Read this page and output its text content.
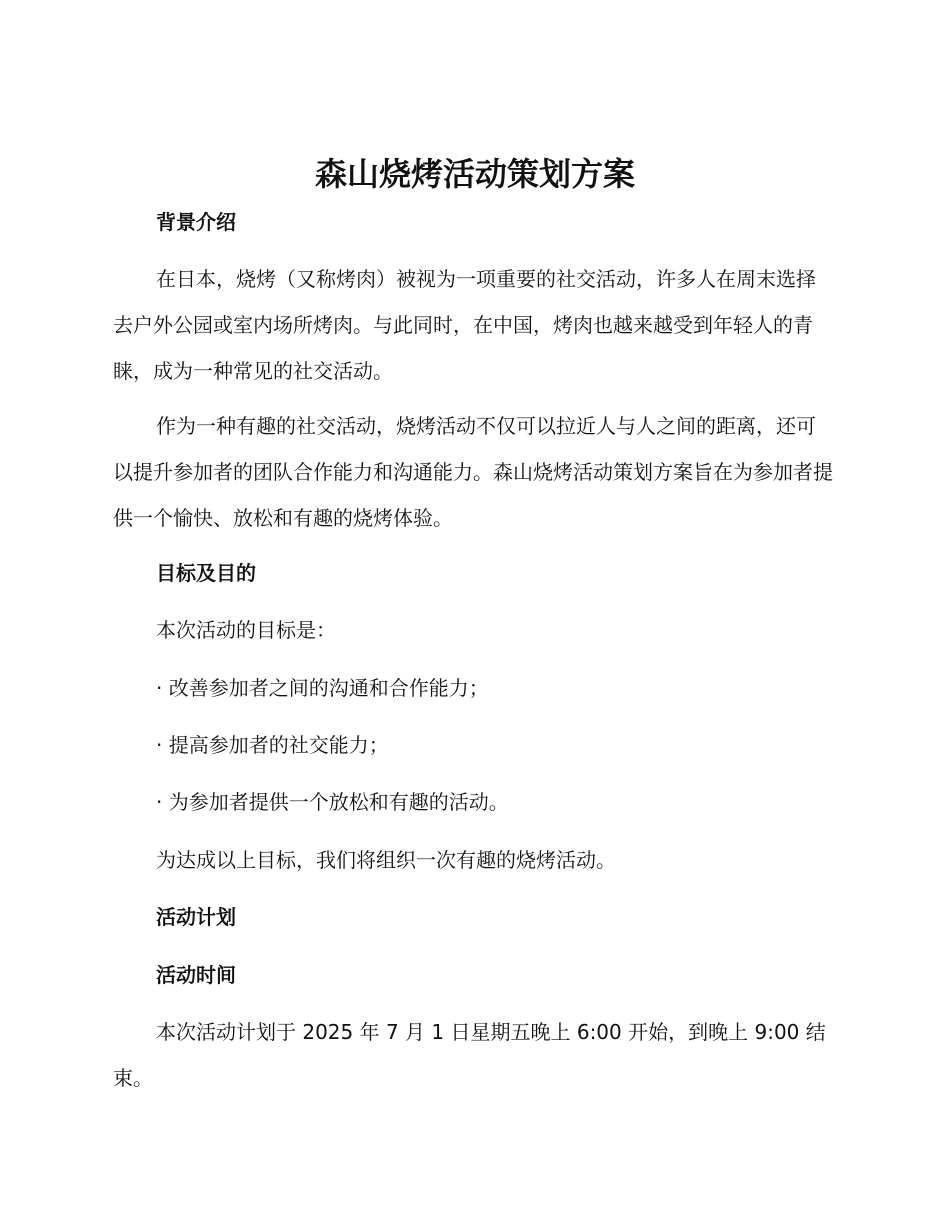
森山烧烤活动策划方案
背景介绍
在日本，烧烤（又称烤肉）被视为一项重要的社交活动，许多人在周末选择去户外公园或室内场所烤肉。与此同时，在中国，烤肉也越来越受到年轻人的青睐，成为一种常见的社交活动。
作为一种有趣的社交活动，烧烤活动不仅可以拉近人与人之间的距离，还可以提升参加者的团队合作能力和沟通能力。森山烧烤活动策划方案旨在为参加者提供一个愉快、放松和有趣的烧烤体验。
目标及目的
本次活动的目标是：
· 改善参加者之间的沟通和合作能力；
· 提高参加者的社交能力；
· 为参加者提供一个放松和有趣的活动。
为达成以上目标，我们将组织一次有趣的烧烤活动。
活动计划
活动时间
本次活动计划于 2025 年 7 月 1 日星期五晚上 6:00 开始，到晚上 9:00 结束。
